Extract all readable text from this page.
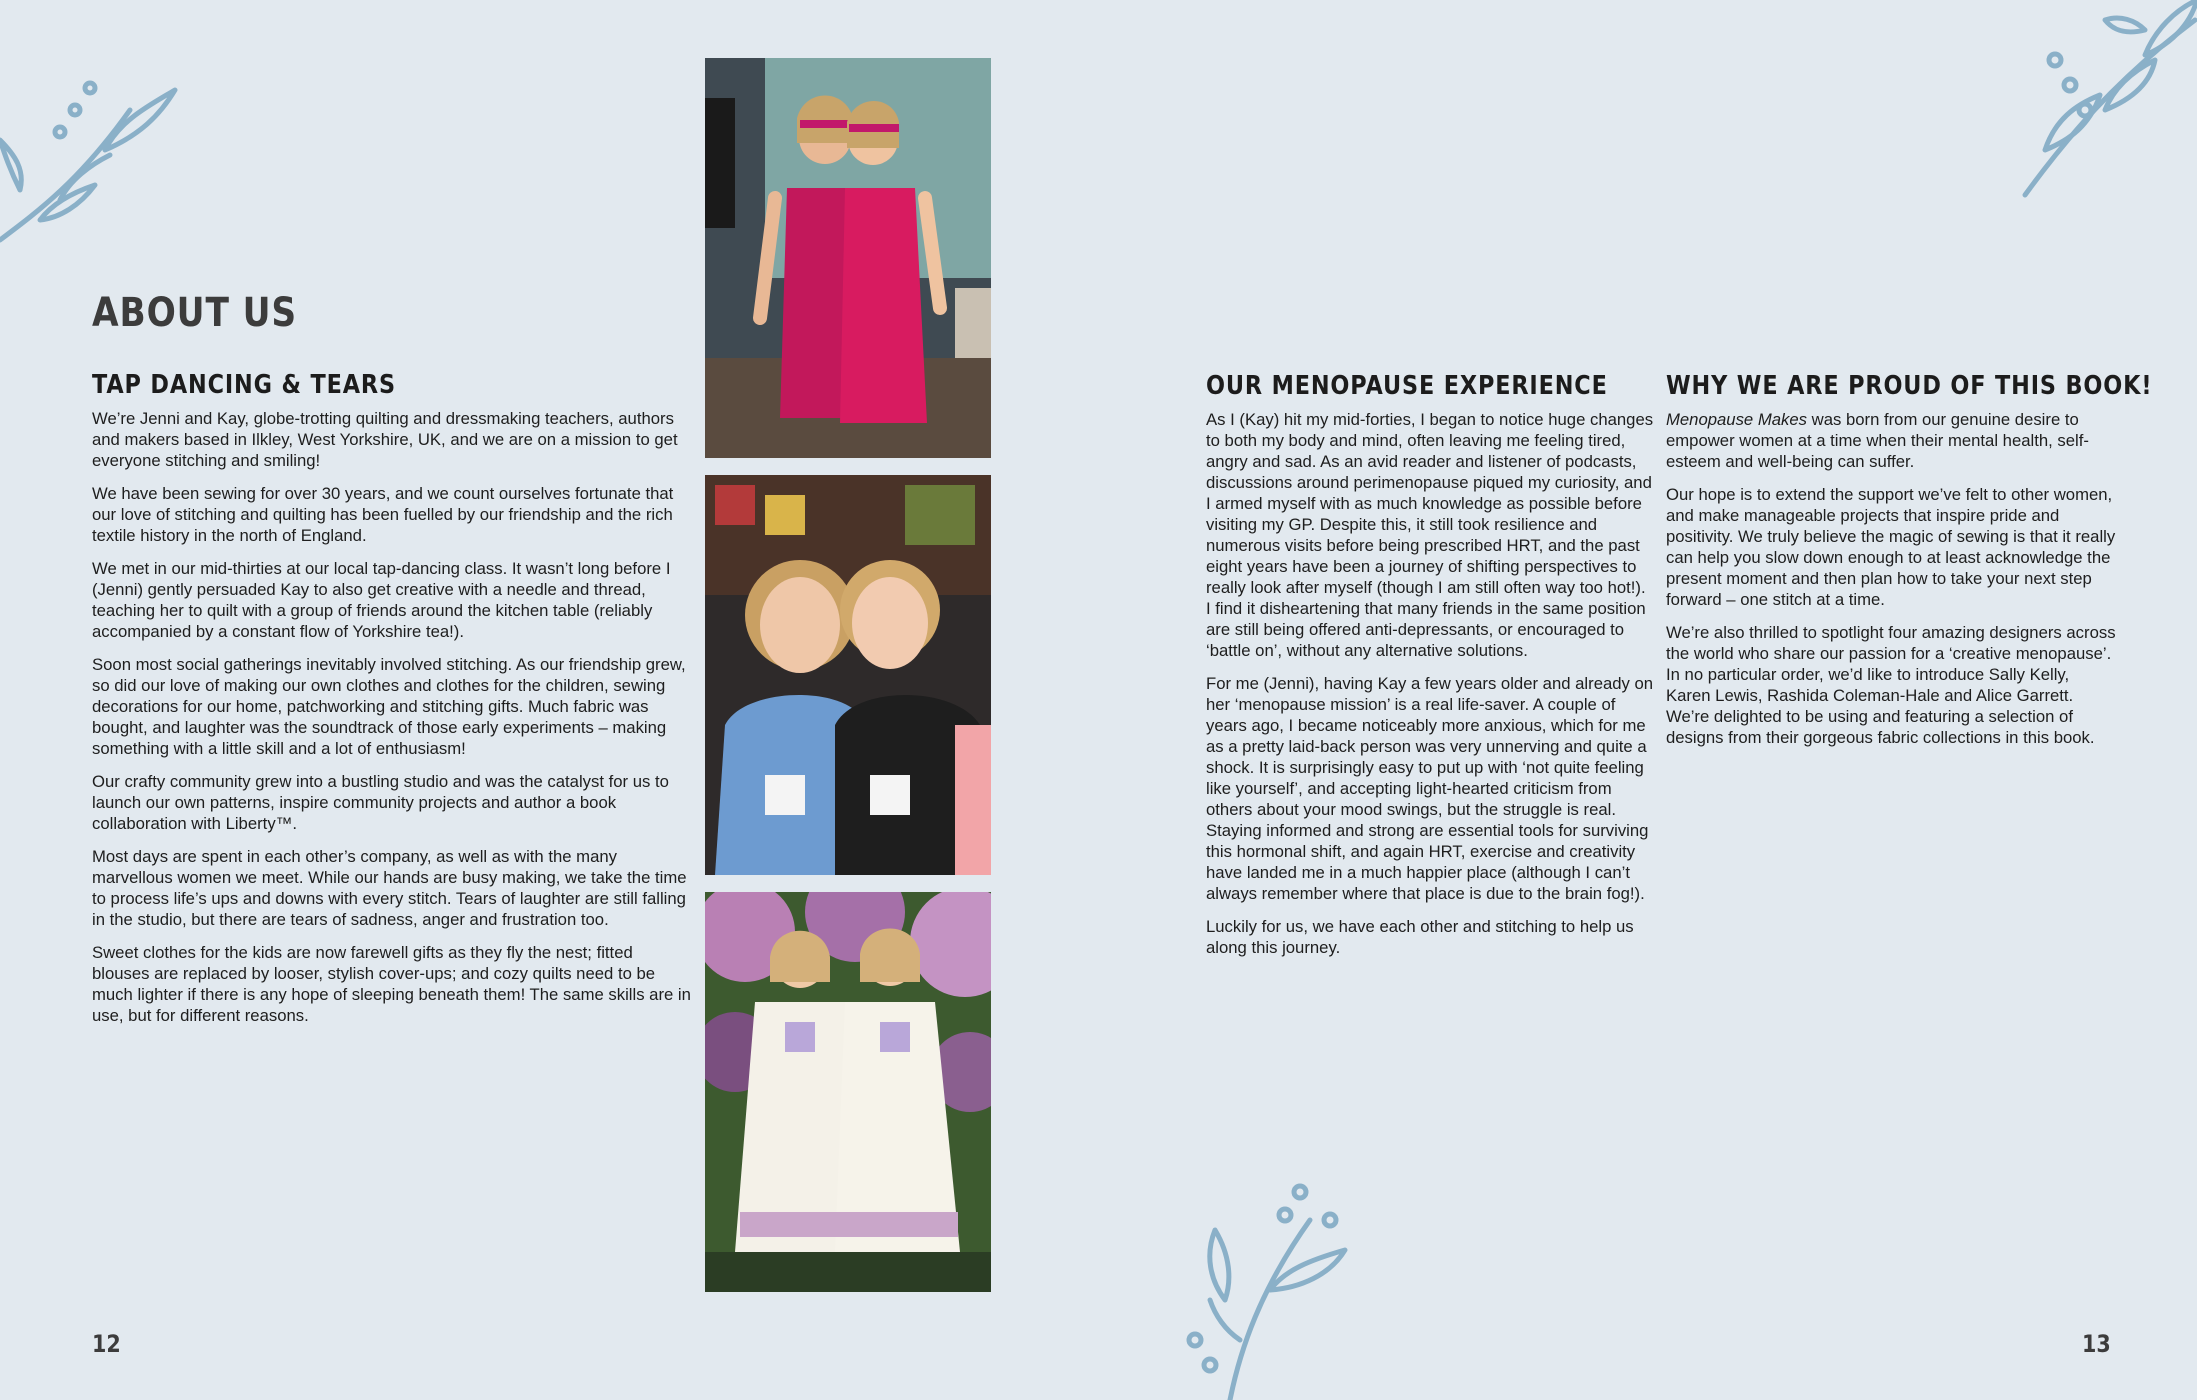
ABOUT US
TAP DANCING & TEARS

We’re Jenni and Kay, globe-trotting quilting and dressmaking teachers, authors and makers based in Ilkley, West Yorkshire, UK, and we are on a mission to get everyone stitching and smiling!

We have been sewing for over 30 years, and we count ourselves fortunate that our love of stitching and quilting has been fuelled by our friendship and the rich textile history in the north of England.

We met in our mid-thirties at our local tap-dancing class. It wasn’t long before I (Jenni) gently persuaded Kay to also get creative with a needle and thread, teaching her to quilt with a group of friends around the kitchen table (reliably accompanied by a constant flow of Yorkshire tea!).

Soon most social gatherings inevitably involved stitching. As our friendship grew, so did our love of making our own clothes and clothes for the children, sewing decorations for our home, patchworking and stitching gifts. Much fabric was bought, and laughter was the soundtrack of those early experiments – making something with a little skill and a lot of enthusiasm!

Our crafty community grew into a bustling studio and was the catalyst for us to launch our own patterns, inspire community projects and author a book collaboration with Liberty™.

Most days are spent in each other’s company, as well as with the many marvellous women we meet. While our hands are busy making, we take the time to process life’s ups and downs with every stitch. Tears of laughter are still falling in the studio, but there are tears of sadness, anger and frustration too.

Sweet clothes for the kids are now farewell gifts as they fly the nest; fitted blouses are replaced by looser, stylish cover-ups; and cozy quilts need to be much lighter if there is any hope of sleeping beneath them! The same skills are in use, but for different reasons.

12
OUR MENOPAUSE EXPERIENCE

As I (Kay) hit my mid-forties, I began to notice huge changes to both my body and mind, often leaving me feeling tired, angry and sad. As an avid reader and listener of podcasts, discussions around perimenopause piqued my curiosity, and I armed myself with as much knowledge as possible before visiting my GP. Despite this, it still took resilience and numerous visits before being prescribed HRT, and the past eight years have been a journey of shifting perspectives to really look after myself (though I am still often way too hot!). I find it disheartening that many friends in the same position are still being offered anti-depressants, or encouraged to ‘battle on’, without any alternative solutions.

For me (Jenni), having Kay a few years older and already on her ‘menopause mission’ is a real life-saver. A couple of years ago, I became noticeably more anxious, which for me as a pretty laid-back person was very unnerving and quite a shock. It is surprisingly easy to put up with ‘not quite feeling like yourself’, and accepting light-hearted criticism from others about your mood swings, but the struggle is real. Staying informed and strong are essential tools for surviving this hormonal shift, and again HRT, exercise and creativity have landed me in a much happier place (although I can’t always remember where that place is due to the brain fog!).

Luckily for us, we have each other and stitching to help us along this journey.

WHY WE ARE PROUD OF THIS BOOK!

Menopause Makes was born from our genuine desire to empower women at a time when their mental health, self-esteem and well-being can suffer.

Our hope is to extend the support we’ve felt to other women, and make manageable projects that inspire pride and positivity. We truly believe the magic of sewing is that it really can help you slow down enough to at least acknowledge the present moment and then plan how to take your next step forward – one stitch at a time.

We’re also thrilled to spotlight four amazing designers across the world who share our passion for a ‘creative menopause’. In no particular order, we’d like to introduce Sally Kelly, Karen Lewis, Rashida Coleman-Hale and Alice Garrett. We’re delighted to be using and featuring a selection of designs from their gorgeous fabric collections in this book.

13
